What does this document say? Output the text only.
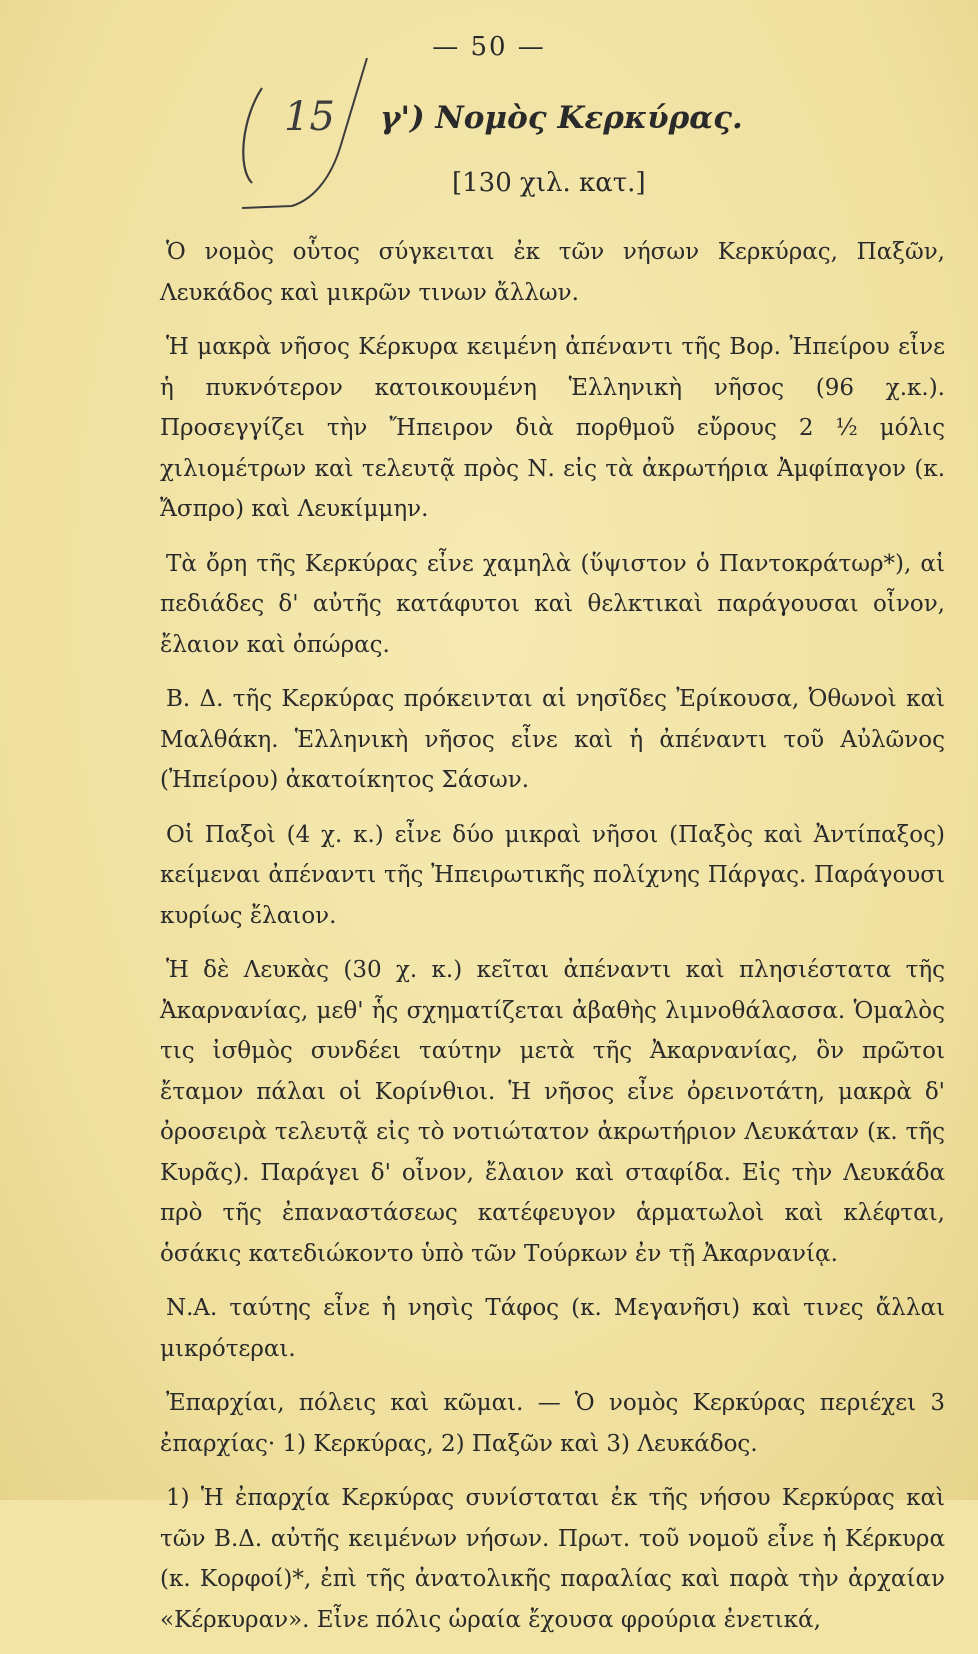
— 50 —
15 γ') Νομὸς Κερκύρας.
[130 χιλ. κατ.]

Ὁ νομὸς οὗτος σύγκειται ἐκ τῶν νήσων Κερκύρας, Παξῶν, Λευκάδος καὶ μικρῶν τινων ἄλλων.

Ἡ μακρὰ νῆσος Κέρκυρα κειμένη ἀπέναντι τῆς Βορ. Ἠπείρου εἶνε ἡ πυκνότερον κατοικουμένη Ἑλληνικὴ νῆσος (96 χ.κ.). Προσεγγίζει τὴν Ἤπειρον διὰ πορθμοῦ εὔρους 2 ½ μόλις χιλιομέτρων καὶ τελευτᾷ πρὸς Ν. εἰς τὰ ἀκρωτήρια Ἀμφίπαγον (κ. Ἄσπρο) καὶ Λευκίμμην.

Τὰ ὄρη τῆς Κερκύρας εἶνε χαμηλὰ (ὕψιστον ὁ Παντοκράτωρ*), αἱ πεδιάδες δ' αὐτῆς κατάφυτοι καὶ θελκτικαὶ παράγουσαι οἶνον, ἔλαιον καὶ ὀπώρας.

Β. Δ. τῆς Κερκύρας πρόκεινται αἱ νησῖδες Ἐρίκουσα, Ὀθωνοὶ καὶ Μαλθάκη. Ἑλληνικὴ νῆσος εἶνε καὶ ἡ ἀπέναντι τοῦ Αὐλῶνος (Ἠπείρου) ἀκατοίκητος Σάσων.

Οἱ Παξοὶ (4 χ. κ.) εἶνε δύο μικραὶ νῆσοι (Παξὸς καὶ Ἀντίπαξος) κείμεναι ἀπέναντι τῆς Ἠπειρωτικῆς πολίχνης Πάργας. Παράγουσι κυρίως ἔλαιον.

Ἡ δὲ Λευκὰς (30 χ. κ.) κεῖται ἀπέναντι καὶ πλησιέστατα τῆς Ἀκαρνανίας, μεθ' ἧς σχηματίζεται ἀβαθὴς λιμνοθάλασσα. Ὁμαλὸς τις ἰσθμὸς συνδέει ταύτην μετὰ τῆς Ἀκαρνανίας, ὃν πρῶτοι ἔταμον πάλαι οἱ Κορίνθιοι. Ἡ νῆσος εἶνε ὀρεινοτάτη, μακρὰ δ' ὀροσειρὰ τελευτᾷ εἰς τὸ νοτιώτατον ἀκρωτήριον Λευκάταν (κ. τῆς Κυρᾶς). Παράγει δ' οἶνον, ἔλαιον καὶ σταφίδα. Εἰς τὴν Λευκάδα πρὸ τῆς ἐπαναστάσεως κατέφευγον ἁρματωλοὶ καὶ κλέφται, ὁσάκις κατεδιώκοντο ὑπὸ τῶν Τούρκων ἐν τῇ Ἀκαρνανίᾳ.

Ν.Α. ταύτης εἶνε ἡ νησὶς Τάφος (κ. Μεγανῆσι) καὶ τινες ἄλλαι μικρότεραι.

Ἐπαρχίαι, πόλεις καὶ κῶμαι. — Ὁ νομὸς Κερκύρας περιέχει 3 ἐπαρχίας· 1) Κερκύρας, 2) Παξῶν καὶ 3) Λευκάδος.

1) Ἡ ἐπαρχία Κερκύρας συνίσταται ἐκ τῆς νήσου Κερκύρας καὶ τῶν Β.Δ. αὐτῆς κειμένων νήσων. Πρωτ. τοῦ νομοῦ εἶνε ἡ Κέρκυρα (κ. Κορφοί)*, ἐπὶ τῆς ἀνατολικῆς παραλίας καὶ παρὰ τὴν ἀρχαίαν «Κέρκυραν». Εἶνε πόλις ὡραία ἔχουσα φρούρια ἐνετικά,
